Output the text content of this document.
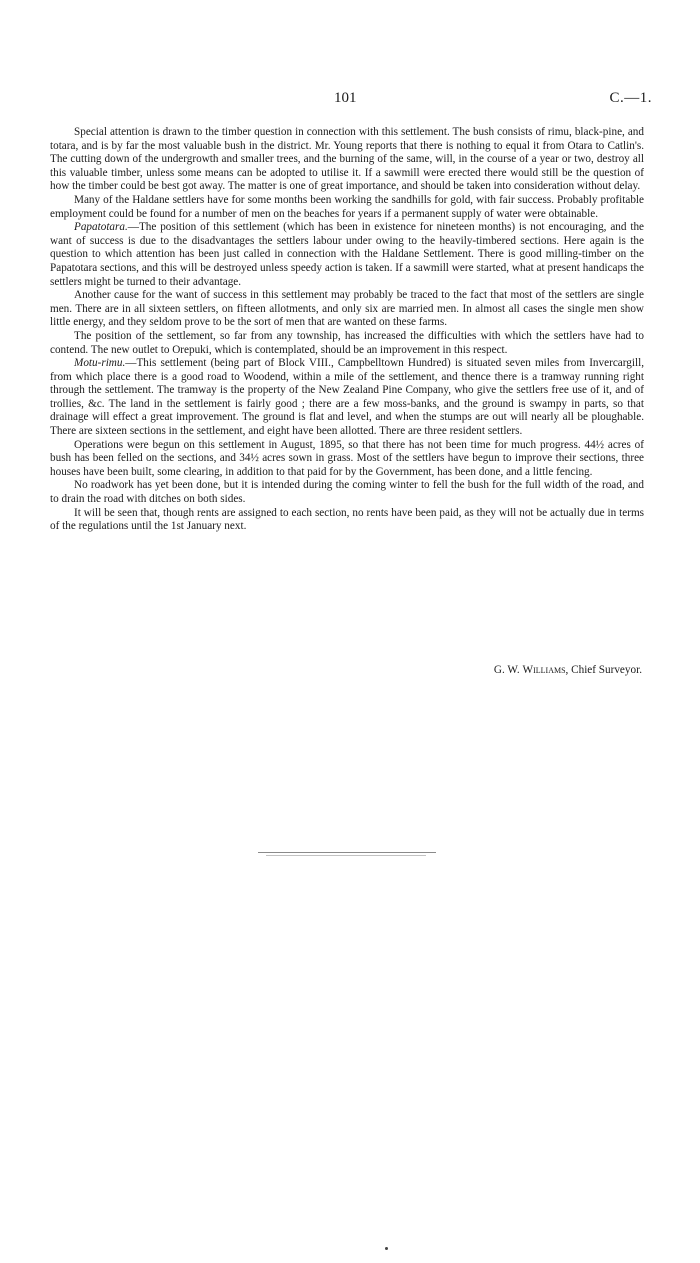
101	C.—1.

Special attention is drawn to the timber question in connection with this settlement. The bush consists of rimu, black-pine, and totara, and is by far the most valuable bush in the district. Mr. Young reports that there is nothing to equal it from Otara to Catlin's. The cutting down of the undergrowth and smaller trees, and the burning of the same, will, in the course of a year or two, destroy all this valuable timber, unless some means can be adopted to utilise it. If a sawmill were erected there would still be the question of how the timber could be best got away. The matter is one of great importance, and should be taken into consideration without delay.

Many of the Haldane settlers have for some months been working the sandhills for gold, with fair success. Probably profitable employment could be found for a number of men on the beaches for years if a permanent supply of water were obtainable.

Papatotara.—The position of this settlement (which has been in existence for nineteen months) is not encouraging, and the want of success is due to the disadvantages the settlers labour under owing to the heavily-timbered sections. Here again is the question to which attention has been just called in connection with the Haldane Settlement. There is good milling-timber on the Papatotara sections, and this will be destroyed unless speedy action is taken. If a sawmill were started, what at present handicaps the settlers might be turned to their advantage.

Another cause for the want of success in this settlement may probably be traced to the fact that most of the settlers are single men. There are in all sixteen settlers, on fifteen allotments, and only six are married men. In almost all cases the single men show little energy, and they seldom prove to be the sort of men that are wanted on these farms.

The position of the settlement, so far from any township, has increased the difficulties with which the settlers have had to contend. The new outlet to Orepuki, which is contemplated, should be an improvement in this respect.

Motu-rimu.—This settlement (being part of Block VIII., Campbelltown Hundred) is situated seven miles from Invercargill, from which place there is a good road to Woodend, within a mile of the settlement, and thence there is a tramway running right through the settlement. The tramway is the property of the New Zealand Pine Company, who give the settlers free use of it, and of trollies, &c. The land in the settlement is fairly good ; there are a few moss-banks, and the ground is swampy in parts, so that drainage will effect a great improvement. The ground is flat and level, and when the stumps are out will nearly all be ploughable. There are sixteen sections in the settlement, and eight have been allotted. There are three resident settlers.

Operations were begun on this settlement in August, 1895, so that there has not been time for much progress. 44½ acres of bush has been felled on the sections, and 34½ acres sown in grass. Most of the settlers have begun to improve their sections, three houses have been built, some clearing, in addition to that paid for by the Government, has been done, and a little fencing.

No roadwork has yet been done, but it is intended during the coming winter to fell the bush for the full width of the road, and to drain the road with ditches on both sides.

It will be seen that, though rents are assigned to each section, no rents have been paid, as they will not be actually due in terms of the regulations until the 1st January next.

G. W. Williams, Chief Surveyor.
